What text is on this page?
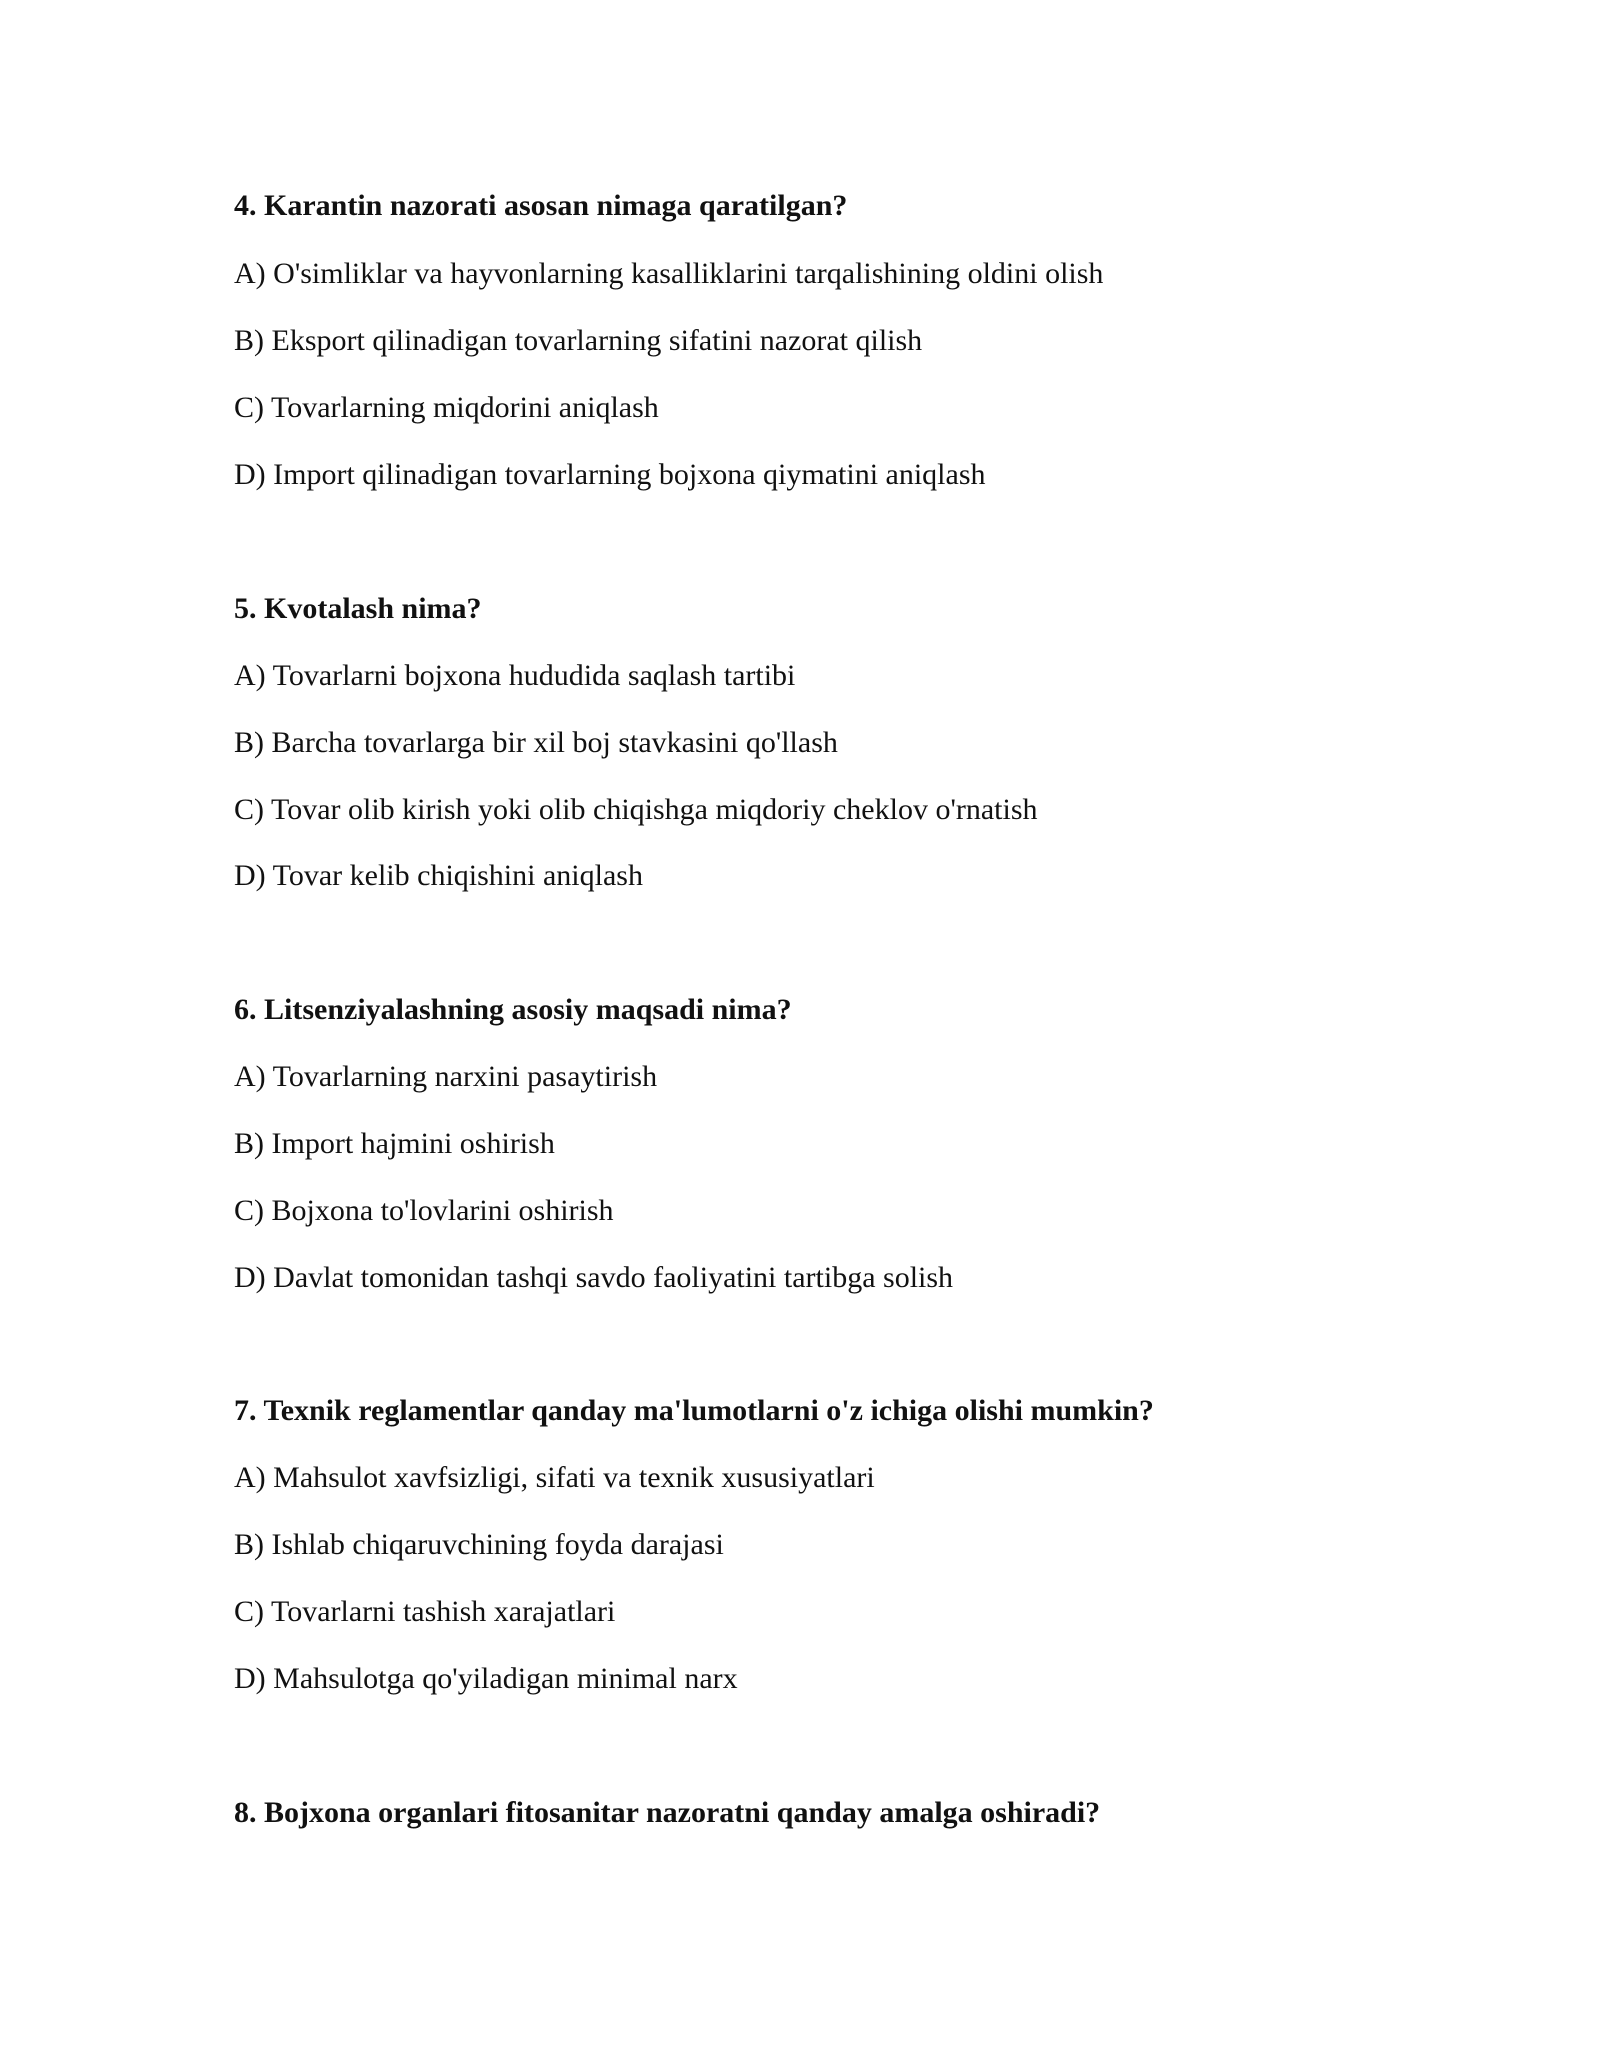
4. Karantin nazorati asosan nimaga qaratilgan?

A) O'simliklar va hayvonlarning kasalliklarini tarqalishining oldini olish

B) Eksport qilinadigan tovarlarning sifatini nazorat qilish

C) Tovarlarning miqdorini aniqlash

D) Import qilinadigan tovarlarning bojxona qiymatini aniqlash

5. Kvotalash nima?

A) Tovarlarni bojxona hududida saqlash tartibi

B) Barcha tovarlarga bir xil boj stavkasini qo'llash

C) Tovar olib kirish yoki olib chiqishga miqdoriy cheklov o'rnatish

D) Tovar kelib chiqishini aniqlash

6. Litsenziyalashning asosiy maqsadi nima?

A) Tovarlarning narxini pasaytirish

B) Import hajmini oshirish

C) Bojxona to'lovlarini oshirish

D) Davlat tomonidan tashqi savdo faoliyatini tartibga solish

7. Texnik reglamentlar qanday ma'lumotlarni o'z ichiga olishi mumkin?

A) Mahsulot xavfsizligi, sifati va texnik xususiyatlari

B) Ishlab chiqaruvchining foyda darajasi

C) Tovarlarni tashish xarajatlari

D) Mahsulotga qo'yiladigan minimal narx

8. Bojxona organlari fitosanitar nazoratni qanday amalga oshiradi?
